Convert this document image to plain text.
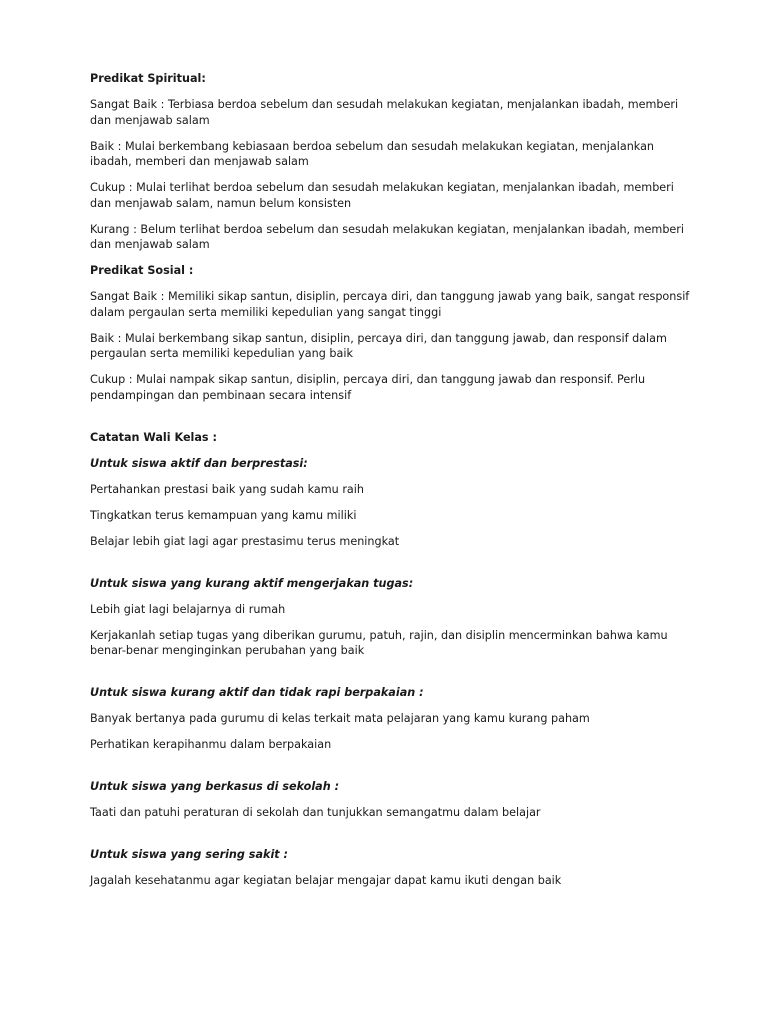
Predikat Spiritual:

Sangat Baik : Terbiasa berdoa sebelum dan sesudah melakukan kegiatan, menjalankan ibadah, memberi dan menjawab salam

Baik : Mulai berkembang kebiasaan berdoa sebelum dan sesudah melakukan kegiatan, menjalankan ibadah, memberi dan menjawab salam

Cukup : Mulai terlihat berdoa sebelum dan sesudah melakukan kegiatan, menjalankan ibadah, memberi dan menjawab salam, namun belum konsisten

Kurang : Belum terlihat berdoa sebelum dan sesudah melakukan kegiatan, menjalankan ibadah, memberi dan menjawab salam

Predikat Sosial :

Sangat Baik : Memiliki sikap santun, disiplin, percaya diri, dan tanggung jawab yang baik, sangat responsif dalam pergaulan serta memiliki kepedulian yang sangat tinggi

Baik : Mulai berkembang sikap santun, disiplin, percaya diri, dan tanggung jawab, dan responsif dalam pergaulan serta memiliki kepedulian yang baik

Cukup : Mulai nampak sikap santun, disiplin, percaya diri, dan tanggung jawab dan responsif. Perlu pendampingan dan pembinaan secara intensif

Catatan Wali Kelas :

Untuk siswa aktif dan berprestasi:

Pertahankan prestasi baik yang sudah kamu raih

Tingkatkan terus kemampuan yang kamu miliki

Belajar lebih giat lagi agar prestasimu terus meningkat

Untuk siswa yang kurang aktif mengerjakan tugas:

Lebih giat lagi belajarnya di rumah

Kerjakanlah setiap tugas yang diberikan gurumu, patuh, rajin, dan disiplin mencerminkan bahwa kamu benar-benar menginginkan perubahan yang baik

Untuk siswa kurang aktif dan tidak rapi berpakaian :

Banyak bertanya pada gurumu di kelas terkait mata pelajaran yang kamu kurang paham

Perhatikan kerapihanmu dalam berpakaian

Untuk siswa yang berkasus di sekolah :

Taati dan patuhi peraturan di sekolah dan tunjukkan semangatmu dalam belajar

Untuk siswa yang sering sakit :

Jagalah kesehatanmu agar kegiatan belajar mengajar dapat kamu ikuti dengan baik
